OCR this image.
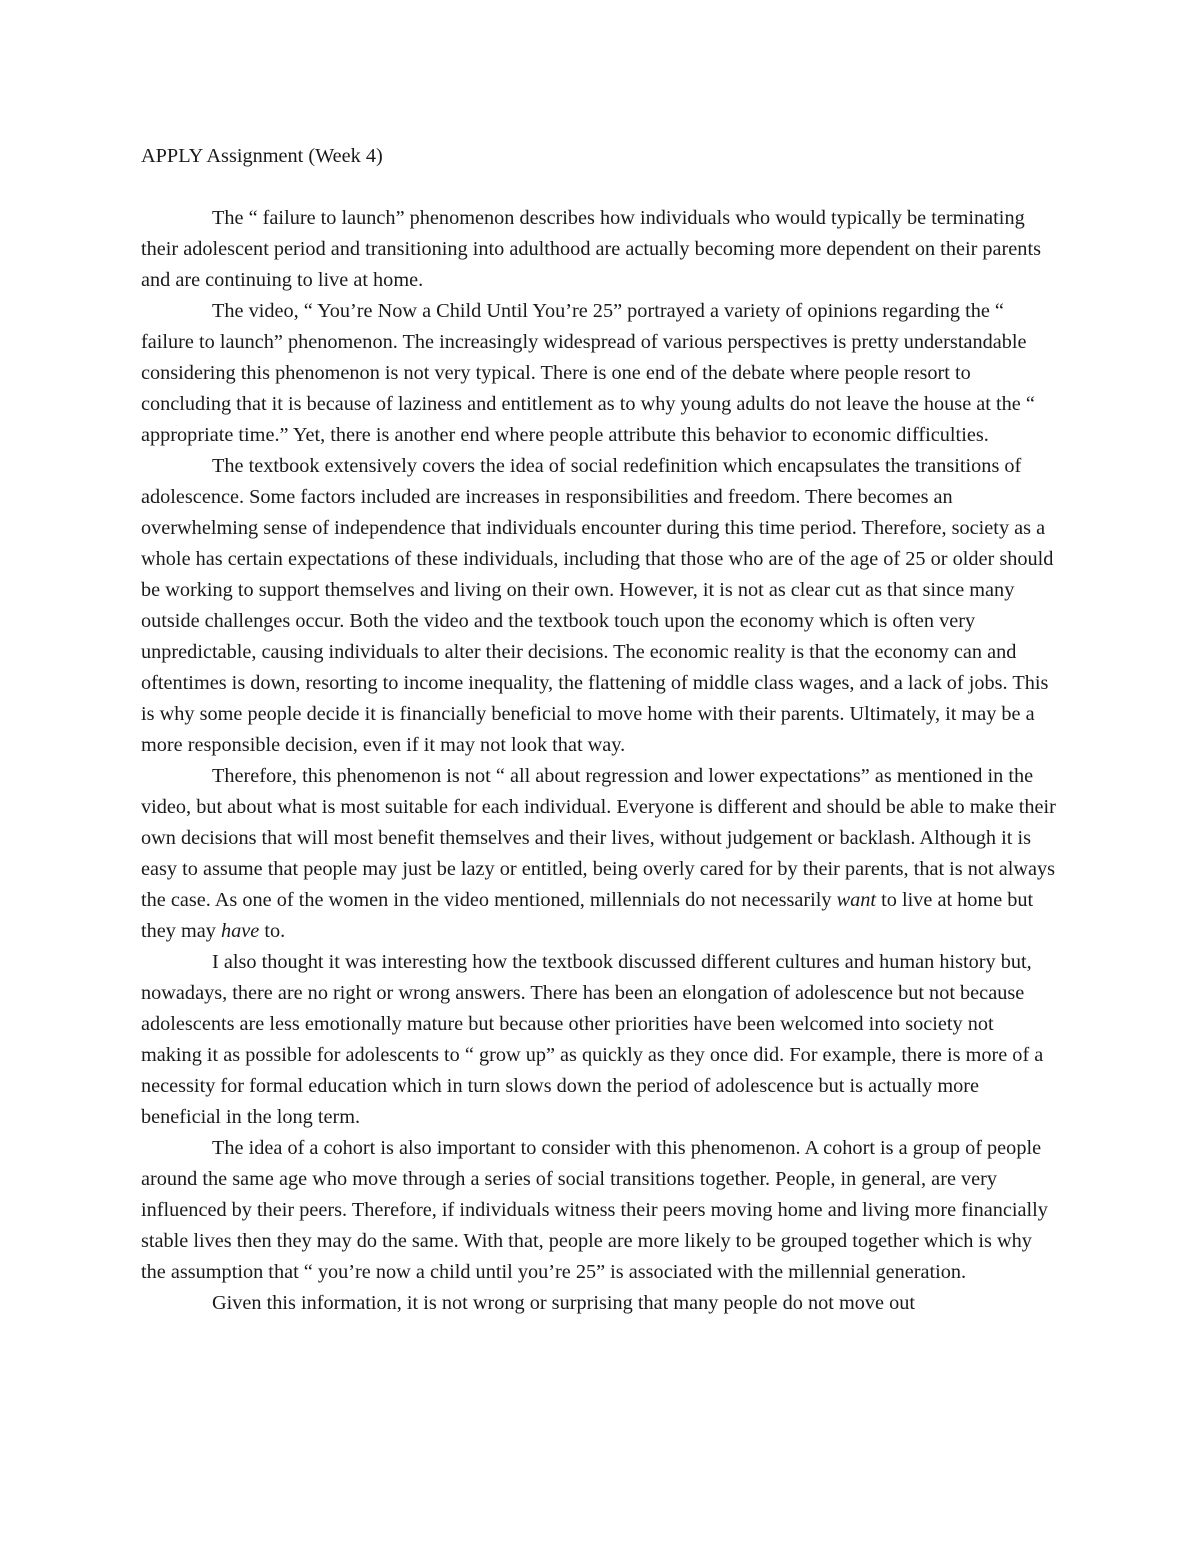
APPLY Assignment (Week 4)

The “ failure to launch” phenomenon describes how individuals who would typically be terminating their adolescent period and transitioning into adulthood are actually becoming more dependent on their parents and are continuing to live at home.

The video, “ You’re Now a Child Until You’re 25” portrayed a variety of opinions regarding the “ failure to launch” phenomenon. The increasingly widespread of various perspectives is pretty understandable considering this phenomenon is not very typical. There is one end of the debate where people resort to concluding that it is because of laziness and entitlement as to why young adults do not leave the house at the “ appropriate time.” Yet, there is another end where people attribute this behavior to economic difficulties.

The textbook extensively covers the idea of social redefinition which encapsulates the transitions of adolescence. Some factors included are increases in responsibilities and freedom. There becomes an overwhelming sense of independence that individuals encounter during this time period. Therefore, society as a whole has certain expectations of these individuals, including that those who are of the age of 25 or older should be working to support themselves and living on their own. However, it is not as clear cut as that since many outside challenges occur. Both the video and the textbook touch upon the economy which is often very unpredictable, causing individuals to alter their decisions. The economic reality is that the economy can and oftentimes is down, resorting to income inequality, the flattening of middle class wages, and a lack of jobs. This is why some people decide it is financially beneficial to move home with their parents. Ultimately, it may be a more responsible decision, even if it may not look that way.

Therefore, this phenomenon is not “ all about regression and lower expectations” as mentioned in the video, but about what is most suitable for each individual. Everyone is different and should be able to make their own decisions that will most benefit themselves and their lives, without judgement or backlash. Although it is easy to assume that people may just be lazy or entitled, being overly cared for by their parents, that is not always the case. As one of the women in the video mentioned, millennials do not necessarily want to live at home but they may have to.

I also thought it was interesting how the textbook discussed different cultures and human history but, nowadays, there are no right or wrong answers. There has been an elongation of adolescence but not because adolescents are less emotionally mature but because other priorities have been welcomed into society not making it as possible for adolescents to “ grow up” as quickly as they once did. For example, there is more of a necessity for formal education which in turn slows down the period of adolescence but is actually more beneficial in the long term.

The idea of a cohort is also important to consider with this phenomenon. A cohort is a group of people around the same age who move through a series of social transitions together. People, in general, are very influenced by their peers. Therefore, if individuals witness their peers moving home and living more financially stable lives then they may do the same. With that, people are more likely to be grouped together which is why the assumption that “ you’re now a child until you’re 25” is associated with the millennial generation.

Given this information, it is not wrong or surprising that many people do not move out
